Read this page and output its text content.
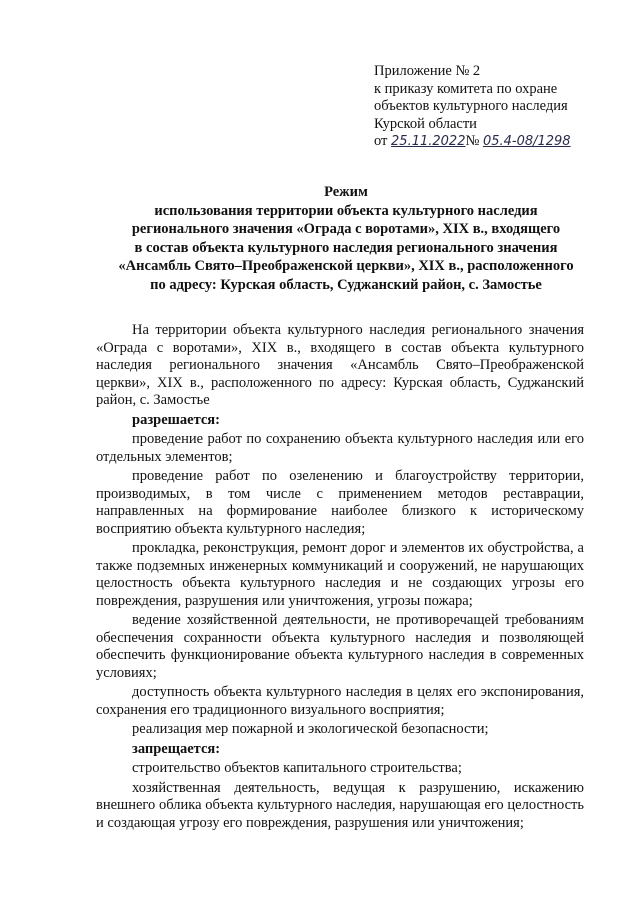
Приложение № 2
к приказу комитета по охране
объектов культурного наследия
Курской области
от 25.11.2022№ 05.4-08/1298
Режим
использования территории объекта культурного наследия
регионального значения «Ограда с воротами», XIX в., входящего
в состав объекта культурного наследия регионального значения
«Ансамбль Свято–Преображенской церкви», XIX в., расположенного
по адресу: Курская область, Суджанский район, с. Замостье

На территории объекта культурного наследия регионального значения «Ограда с воротами», XIX в., входящего в состав объекта культурного наследия регионального значения «Ансамбль Свято–Преображенской церкви», XIX в., расположенного по адресу: Курская область, Суджанский район, с. Замостье

разрешается:

проведение работ по сохранению объекта культурного наследия или его отдельных элементов;

проведение работ по озеленению и благоустройству территории, производимых, в том числе с применением методов реставрации, направленных на формирование наиболее близкого к историческому восприятию объекта культурного наследия;

прокладка, реконструкция, ремонт дорог и элементов их обустройства, а также подземных инженерных коммуникаций и сооружений, не нарушающих целостность объекта культурного наследия и не создающих угрозы его повреждения, разрушения или уничтожения, угрозы пожара;

ведение хозяйственной деятельности, не противоречащей требованиям обеспечения сохранности объекта культурного наследия и позволяющей обеспечить функционирование объекта культурного наследия в современных условиях;

доступность объекта культурного наследия в целях его экспонирования, сохранения его традиционного визуального восприятия;

реализация мер пожарной и экологической безопасности;

запрещается:

строительство объектов капитального строительства;

хозяйственная деятельность, ведущая к разрушению, искажению внешнего облика объекта культурного наследия, нарушающая его целостность и создающая угрозу его повреждения, разрушения или уничтожения;
